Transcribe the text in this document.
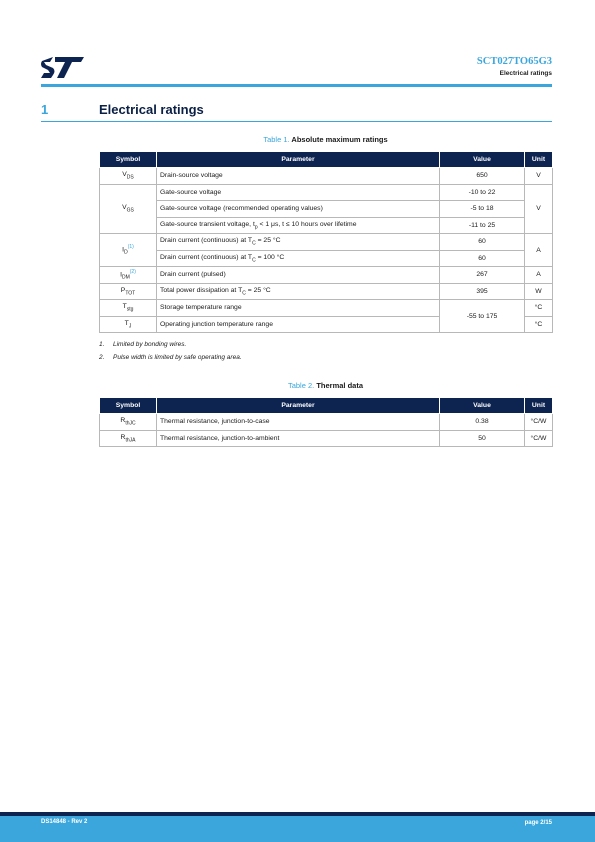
SCT027TO65G3
Electrical ratings
1	Electrical ratings
Table 1. Absolute maximum ratings
Symbol	Parameter	Value	Unit
$V_{DS}$	Drain-source voltage	650	V
$V_{GS}$	Gate-source voltage	-10 to 22	V
	Gate-source voltage (recommended operating values)	-5 to 18	
	Gate-source transient voltage, $t_p < 1$ μs, t ≤ 10 hours over lifetime	-11 to 25	
$I_D^{(1)}$	Drain current (continuous) at $T_C = 25$ °C	60	A
	Drain current (continuous) at $T_C = 100$ °C	60	
$I_{DM}^{(2)}$	Drain current (pulsed)	267	A
$P_{TOT}$	Total power dissipation at $T_C = 25$ °C	395	W
$T_{stg}$	Storage temperature range	-55 to 175	°C
$T_J$	Operating junction temperature range		°C
1. Limited by bonding wires.
2. Pulse width is limited by safe operating area.
Table 2. Thermal data
Symbol	Parameter	Value	Unit
$R_{thJC}$	Thermal resistance, junction-to-case	0.38	°C/W
$R_{thJA}$	Thermal resistance, junction-to-ambient	50	°C/W
DS14848 - Rev 2	page 2/15
